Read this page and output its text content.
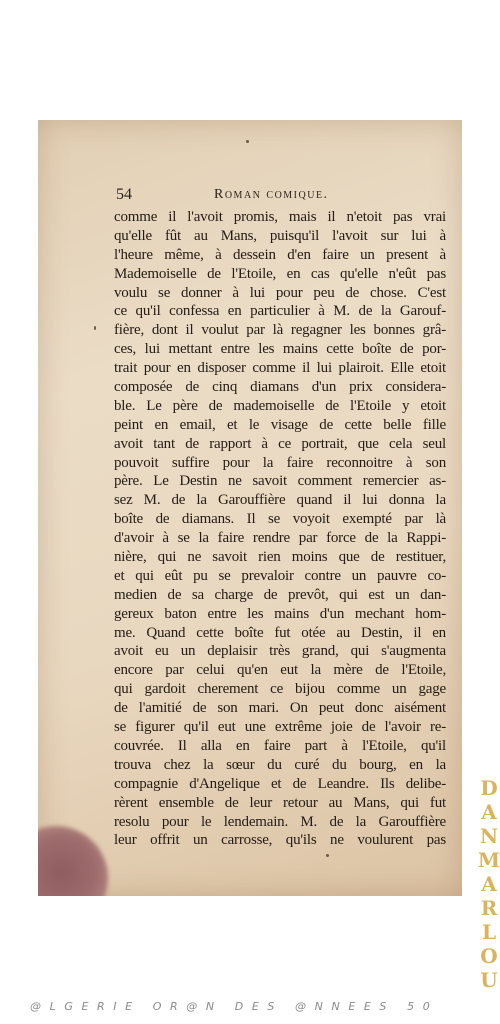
54	Roman comique.
comme il l'avoit promis, mais il n'etoit pas vrai
qu'elle fût au Mans, puisqu'il l'avoit sur lui à
l'heure même, à dessein d'en faire un present à
Mademoiselle de l'Etoile, en cas qu'elle n'eût pas
voulu se donner à lui pour peu de chose. C'est
ce qu'il confessa en particulier à M. de la Garouf-
fière, dont il voulut par là regagner les bonnes grâ-
ces, lui mettant entre les mains cette boîte de por-
trait pour en disposer comme il lui plairoit. Elle etoit
composée de cinq diamans d'un prix considera-
ble. Le père de mademoiselle de l'Etoile y etoit
peint en email, et le visage de cette belle fille
avoit tant de rapport à ce portrait, que cela seul
pouvoit suffire pour la faire reconnoitre à son
père. Le Destin ne savoit comment remercier as-
sez M. de la Garouffière quand il lui donna la
boîte de diamans. Il se voyoit exempté par là
d'avoir à se la faire rendre par force de la Rappi-
nière, qui ne savoit rien moins que de restituer,
et qui eût pu se prevaloir contre un pauvre co-
medien de sa charge de prevôt, qui est un dan-
gereux baton entre les mains d'un mechant hom-
me. Quand cette boîte fut otée au Destin, il en
avoit eu un deplaisir très grand, qui s'augmenta
encore par celui qu'en eut la mère de l'Etoile,
qui gardoit cherement ce bijou comme un gage
de l'amitié de son mari. On peut donc aisément
se figurer qu'il eut une extrême joie de l'avoir re-
couvrée. Il alla en faire part à l'Etoile, qu'il
trouva chez la sœur du curé du bourg, en la
compagnie d'Angelique et de Leandre. Ils delibe-
rèrent ensemble de leur retour au Mans, qui fut
resolu pour le lendemain. M. de la Garouffière
leur offrit un carrosse, qu'ils ne voulurent pas
D
A
N
M
A
R
L
O
U
@LGERIE OR@N DES @NNEES 50
